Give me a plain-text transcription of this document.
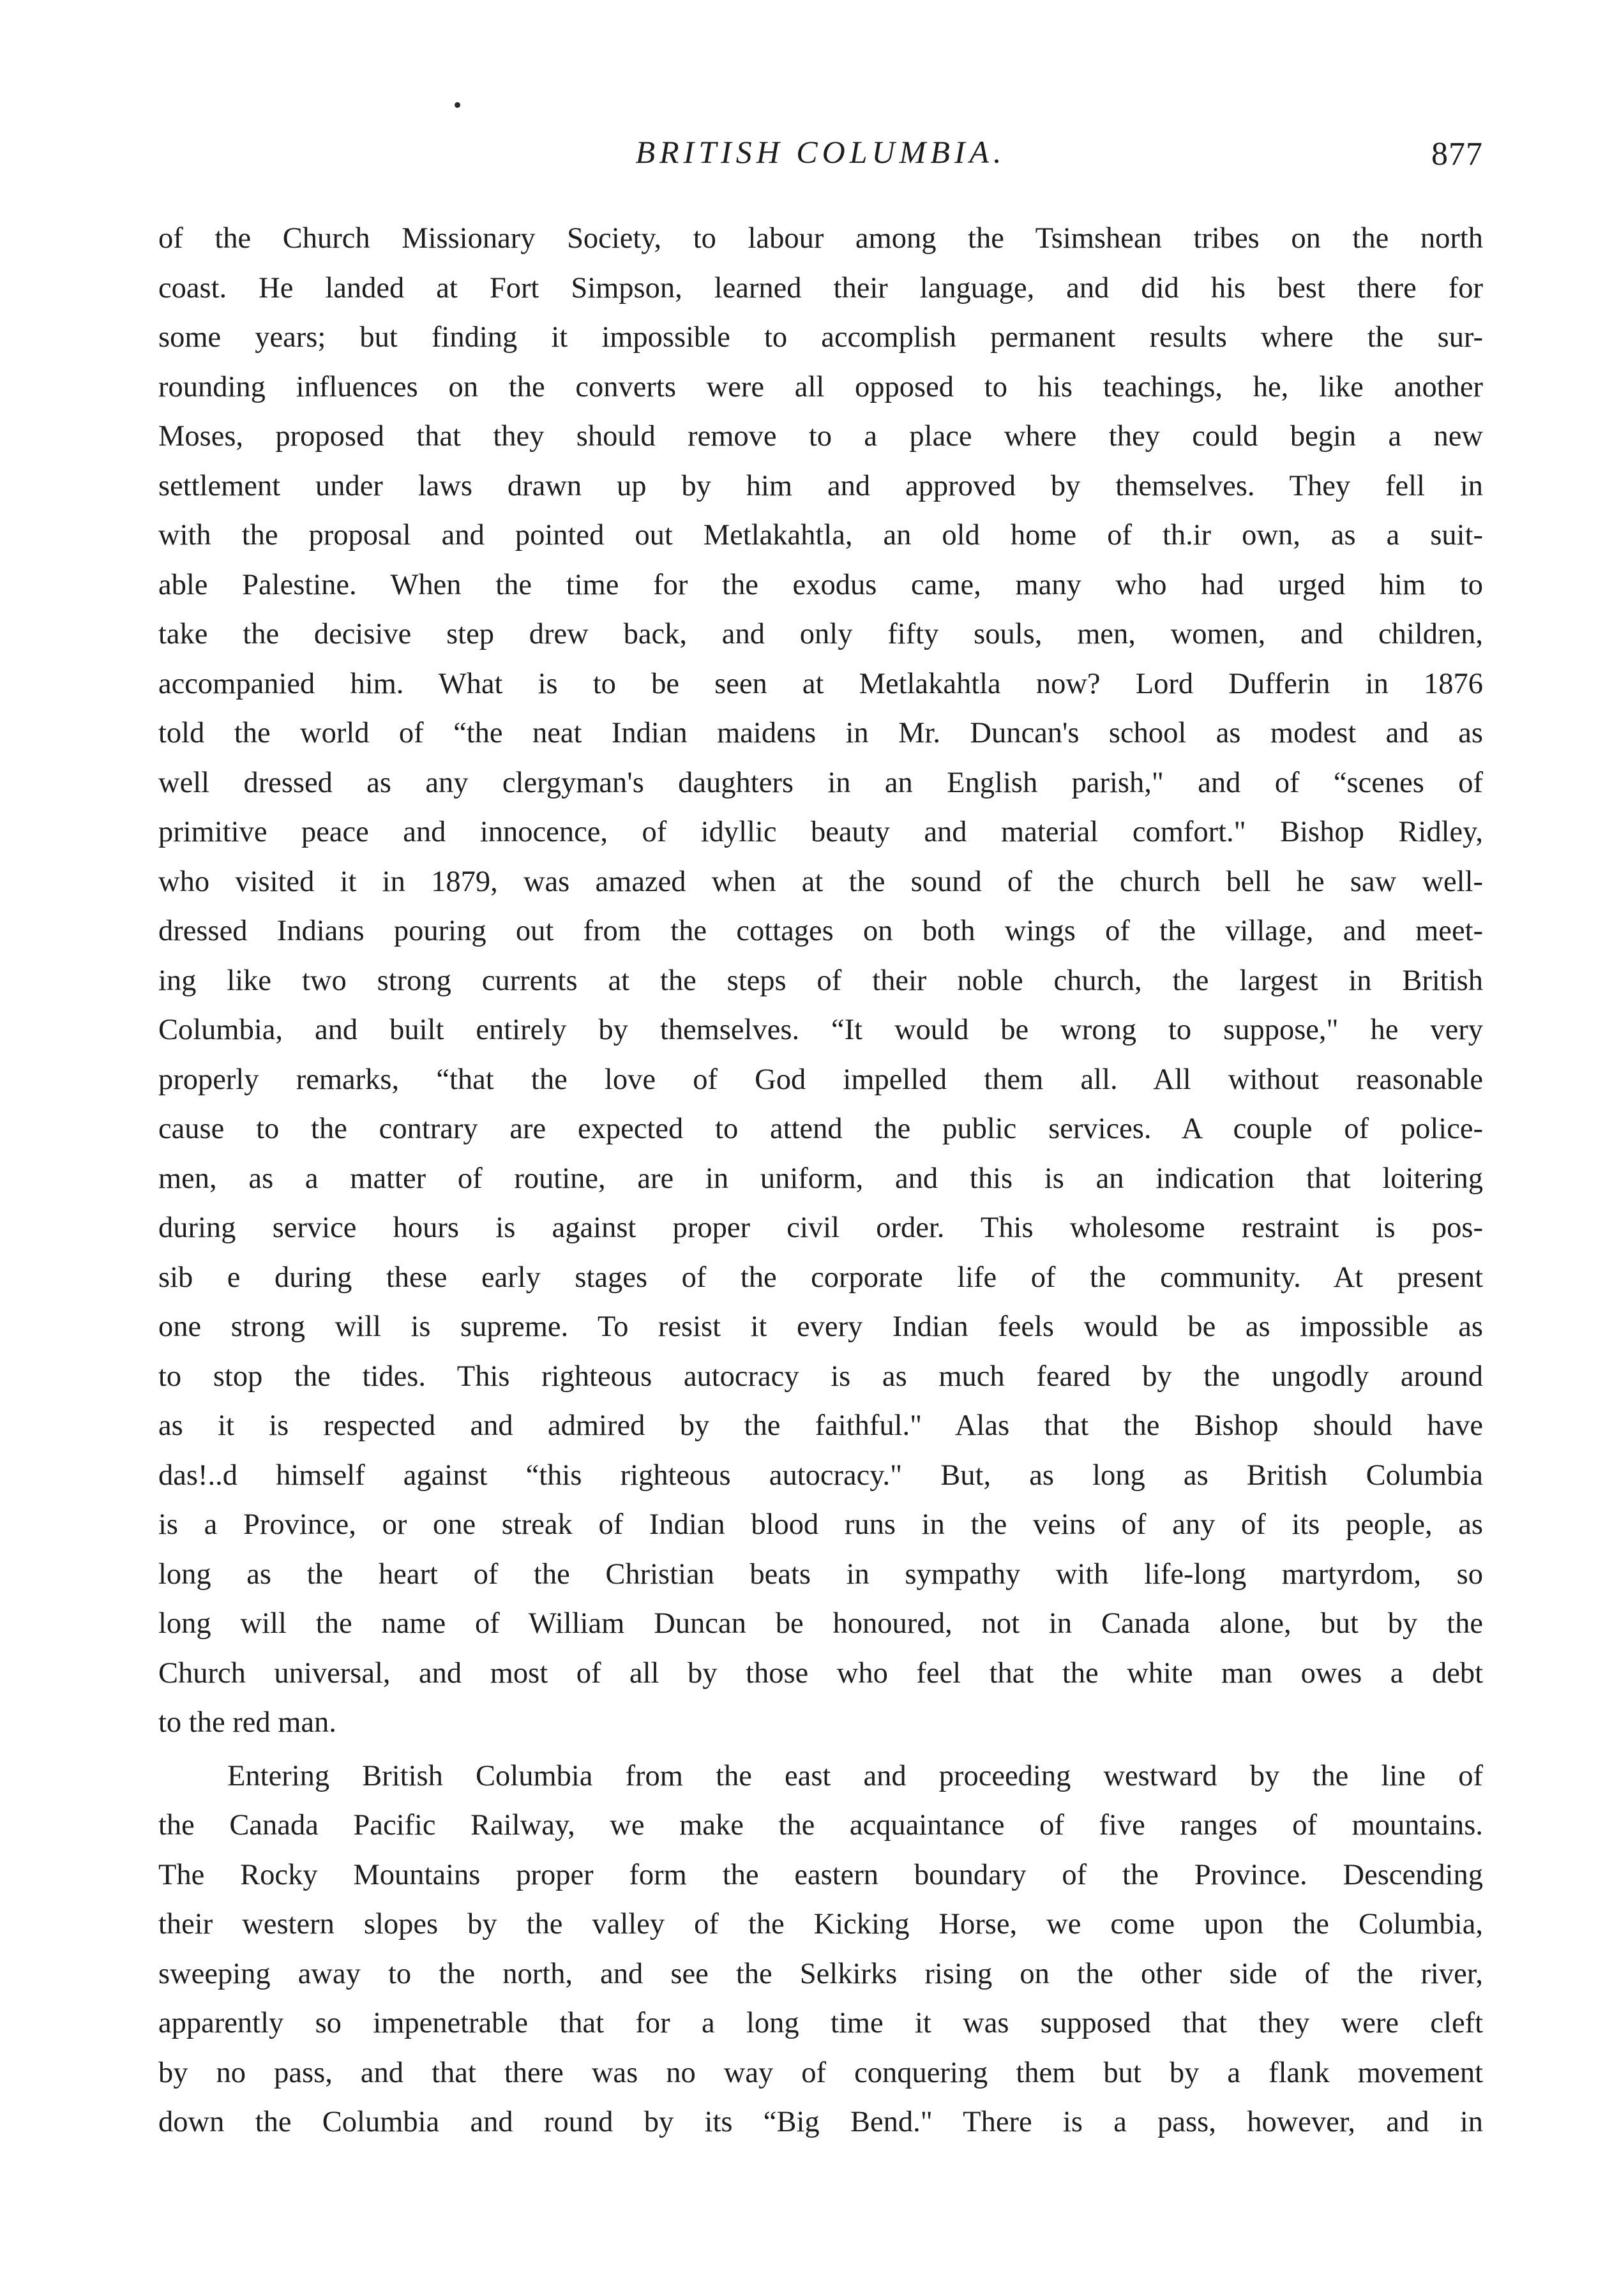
BRITISH COLUMBIA.	877
of the Church Missionary Society, to labour among the Tsimshean tribes on the north
coast. He landed at Fort Simpson, learned their language, and did his best there for
some years; but finding it impossible to accomplish permanent results where the sur-
rounding influences on the converts were all opposed to his teachings, he, like another
Moses, proposed that they should remove to a place where they could begin a new
settlement under laws drawn up by him and approved by themselves. They fell in
with the proposal and pointed out Metlakahtla, an old home of th.ir own, as a suit-
able Palestine. When the time for the exodus came, many who had urged him to
take the decisive step drew back, and only fifty souls, men, women, and children,
accompanied him. What is to be seen at Metlakahtla now? Lord Dufferin in 1876
told the world of “the neat Indian maidens in Mr. Duncan's school as modest and as
well dressed as any clergyman's daughters in an English parish," and of “scenes of
primitive peace and innocence, of idyllic beauty and material comfort." Bishop Ridley,
who visited it in 1879, was amazed when at the sound of the church bell he saw well-
dressed Indians pouring out from the cottages on both wings of the village, and meet-
ing like two strong currents at the steps of their noble church, the largest in British
Columbia, and built entirely by themselves. “It would be wrong to suppose," he very
properly remarks, “that the love of God impelled them all. All without reasonable
cause to the contrary are expected to attend the public services. A couple of police-
men, as a matter of routine, are in uniform, and this is an indication that loitering
during service hours is against proper civil order. This wholesome restraint is pos-
sib e during these early stages of the corporate life of the community. At present
one strong will is supreme. To resist it every Indian feels would be as impossible as
to stop the tides. This righteous autocracy is as much feared by the ungodly around
as it is respected and admired by the faithful." Alas that the Bishop should have
das!..d himself against “this righteous autocracy." But, as long as British Columbia
is a Province, or one streak of Indian blood runs in the veins of any of its people, as
long as the heart of the Christian beats in sympathy with life-long martyrdom, so
long will the name of William Duncan be honoured, not in Canada alone, but by the
Church universal, and most of all by those who feel that the white man owes a debt
to the red man.
Entering British Columbia from the east and proceeding westward by the line of
the Canada Pacific Railway, we make the acquaintance of five ranges of mountains.
The Rocky Mountains proper form the eastern boundary of the Province. Descending
their western slopes by the valley of the Kicking Horse, we come upon the Columbia,
sweeping away to the north, and see the Selkirks rising on the other side of the river,
apparently so impenetrable that for a long time it was supposed that they were cleft
by no pass, and that there was no way of conquering them but by a flank movement
down the Columbia and round by its “Big Bend." There is a pass, however, and in
